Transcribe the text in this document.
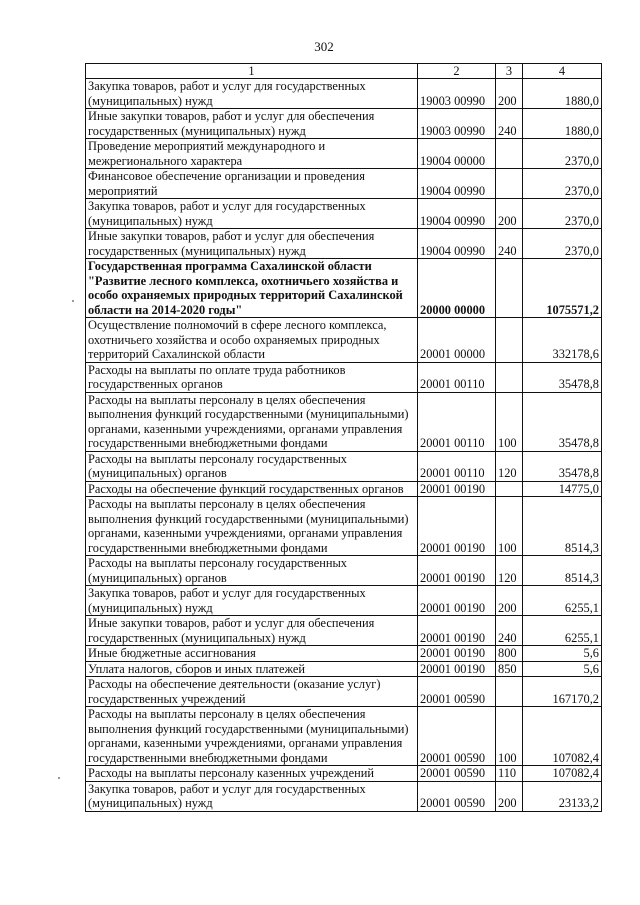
302
1	2	3	4
Закупка товаров, работ и услуг для государственных (муниципальных) нужд	19003 00990	200	1880,0
Иные закупки товаров, работ и услуг для обеспечения государственных (муниципальных) нужд	19003 00990	240	1880,0
Проведение мероприятий международного и межрегионального характера	19004 00000		2370,0
Финансовое обеспечение организации и проведения мероприятий	19004 00990		2370,0
Закупка товаров, работ и услуг для государственных (муниципальных) нужд	19004 00990	200	2370,0
Иные закупки товаров, работ и услуг для обеспечения государственных (муниципальных) нужд	19004 00990	240	2370,0
Государственная программа Сахалинской области "Развитие лесного комплекса, охотничьего хозяйства и особо охраняемых природных территорий Сахалинской области на 2014-2020 годы"	20000 00000		1075571,2
Осуществление полномочий в сфере лесного комплекса, охотничьего хозяйства и особо охраняемых природных территорий Сахалинской области	20001 00000		332178,6
Расходы на выплаты по оплате труда работников государственных органов	20001 00110		35478,8
Расходы на выплаты персоналу в целях обеспечения выполнения функций государственными (муниципальными) органами, казенными учреждениями, органами управления государственными внебюджетными фондами	20001 00110	100	35478,8
Расходы на выплаты персоналу государственных (муниципальных) органов	20001 00110	120	35478,8
Расходы на обеспечение функций государственных органов	20001 00190		14775,0
Расходы на выплаты персоналу в целях обеспечения выполнения функций государственными (муниципальными) органами, казенными учреждениями, органами управления государственными внебюджетными фондами	20001 00190	100	8514,3
Расходы на выплаты персоналу государственных (муниципальных) органов	20001 00190	120	8514,3
Закупка товаров, работ и услуг для государственных (муниципальных) нужд	20001 00190	200	6255,1
Иные закупки товаров, работ и услуг для обеспечения государственных (муниципальных) нужд	20001 00190	240	6255,1
Иные бюджетные ассигнования	20001 00190	800	5,6
Уплата налогов, сборов и иных платежей	20001 00190	850	5,6
Расходы на обеспечение деятельности (оказание услуг) государственных учреждений	20001 00590		167170,2
Расходы на выплаты персоналу в целях обеспечения выполнения функций государственными (муниципальными) органами, казенными учреждениями, органами управления государственными внебюджетными фондами	20001 00590	100	107082,4
Расходы на выплаты персоналу казенных учреждений	20001 00590	110	107082,4
Закупка товаров, работ и услуг для государственных (муниципальных) нужд	20001 00590	200	23133,2
